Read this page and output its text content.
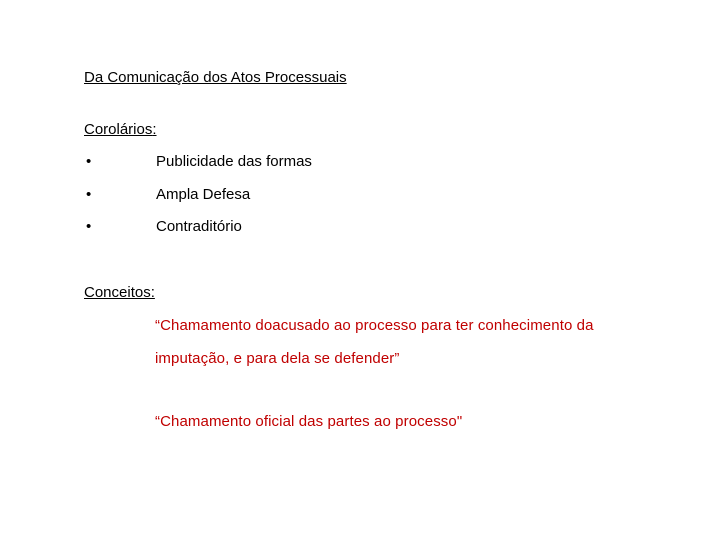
Da Comunicação dos Atos Processuais
Corolários:
•	Publicidade das formas
•	Ampla Defesa
•	Contraditório
Conceitos:
“Chamamento doacusado ao processo para ter conhecimento da
imputação, e para dela se defender”
“Chamamento oficial das partes ao processo"
